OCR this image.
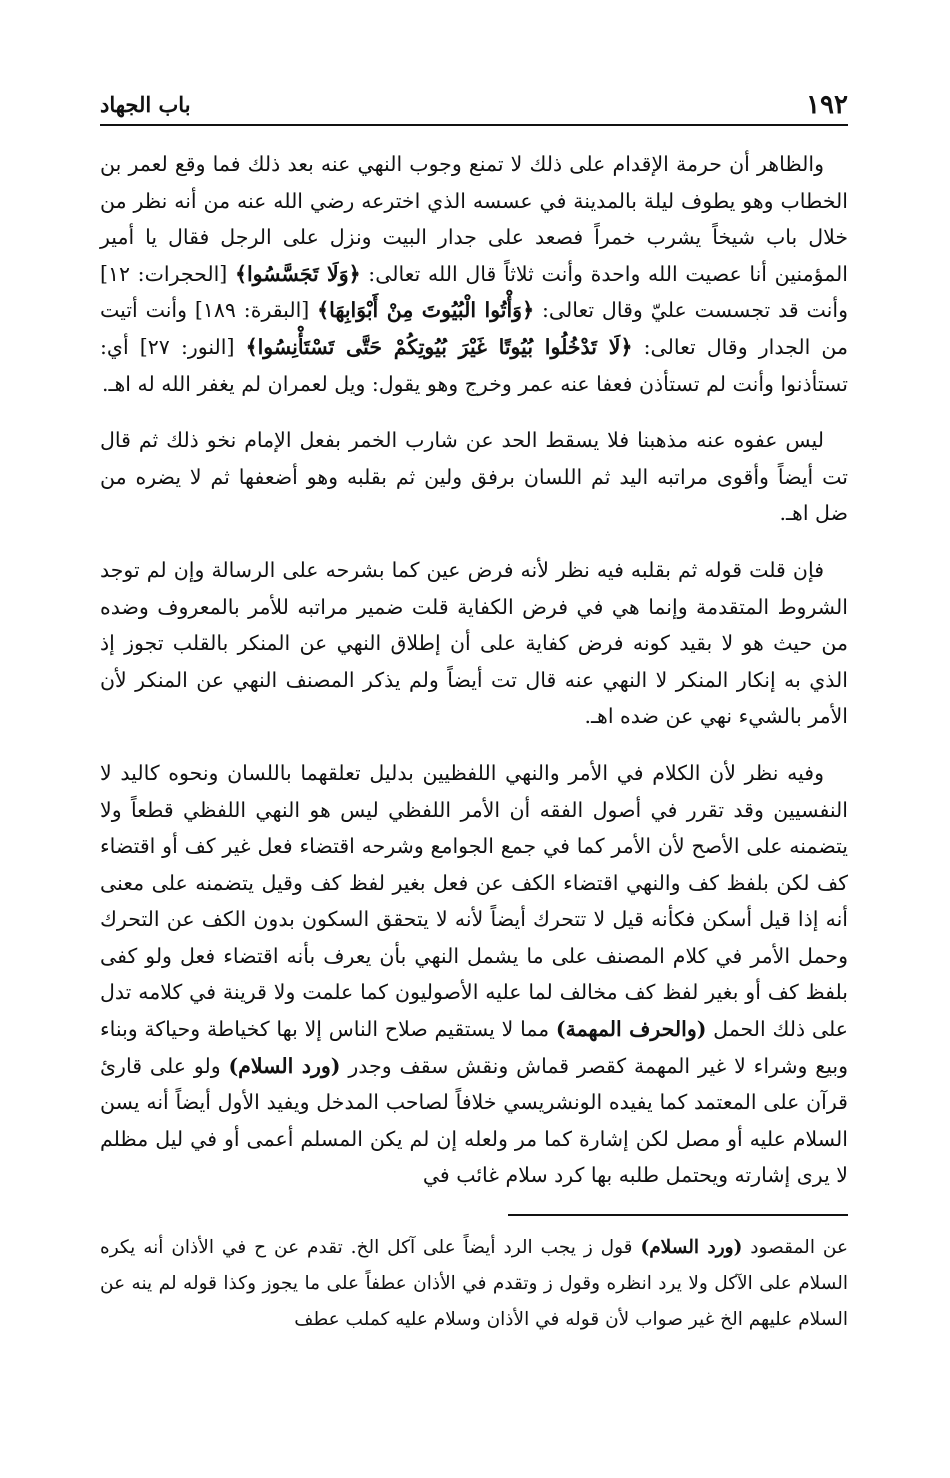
١٩٢
باب الجهاد

والظاهر أن حرمة الإقدام على ذلك لا تمنع وجوب النهي عنه بعد ذلك فما وقع لعمر بن الخطاب وهو يطوف ليلة بالمدينة في عسسه الذي اخترعه رضي الله عنه من أنه نظر من خلال باب شيخاً يشرب خمراً فصعد على جدار البيت ونزل على الرجل فقال يا أمير المؤمنين أنا عصيت الله واحدة وأنت ثلاثاً قال الله تعالى: ﴿وَلَا تَجَسَّسُوا﴾ [الحجرات: ١٢] وأنت قد تجسست عليّ وقال تعالى: ﴿وَأْتُوا الْبُيُوتَ مِنْ أَبْوَابِهَا﴾ [البقرة: ١٨٩] وأنت أتيت من الجدار وقال تعالى: ﴿لَا تَدْخُلُوا بُيُوتًا غَيْرَ بُيُوتِكُمْ حَتَّى تَسْتَأْنِسُوا﴾ [النور: ٢٧] أي: تستأذنوا وأنت لم تستأذن فعفا عنه عمر وخرج وهو يقول: ويل لعمران لم يغفر الله له اهـ.

ليس عفوه عنه مذهبنا فلا يسقط الحد عن شارب الخمر بفعل الإمام نخو ذلك ثم قال تت أيضاً وأقوى مراتبه اليد ثم اللسان برفق ولين ثم بقلبه وهو أضعفها ثم لا يضره من ضل اهـ.

فإن قلت قوله ثم بقلبه فيه نظر لأنه فرض عين كما بشرحه على الرسالة وإن لم توجد الشروط المتقدمة وإنما هي في فرض الكفاية قلت ضمير مراتبه للأمر بالمعروف وضده من حيث هو لا بقيد كونه فرض كفاية على أن إطلاق النهي عن المنكر بالقلب تجوز إذ الذي به إنكار المنكر لا النهي عنه قال تت أيضاً ولم يذكر المصنف النهي عن المنكر لأن الأمر بالشيء نهي عن ضده اهـ.

وفيه نظر لأن الكلام في الأمر والنهي اللفظيين بدليل تعلقهما باللسان ونحوه كاليد لا النفسيين وقد تقرر في أصول الفقه أن الأمر اللفظي ليس هو النهي اللفظي قطعاً ولا يتضمنه على الأصح لأن الأمر كما في جمع الجوامع وشرحه اقتضاء فعل غير كف أو اقتضاء كف لكن بلفظ كف والنهي اقتضاء الكف عن فعل بغير لفظ كف وقيل يتضمنه على معنى أنه إذا قيل أسكن فكأنه قيل لا تتحرك أيضاً لأنه لا يتحقق السكون بدون الكف عن التحرك وحمل الأمر في كلام المصنف على ما يشمل النهي بأن يعرف بأنه اقتضاء فعل ولو كفى بلفظ كف أو بغير لفظ كف مخالف لما عليه الأصوليون كما علمت ولا قرينة في كلامه تدل على ذلك الحمل (والحرف المهمة) مما لا يستقيم صلاح الناس إلا بها كخياطة وحياكة وبناء وبيع وشراء لا غير المهمة كقصر قماش ونقش سقف وجدر (ورد السلام) ولو على قارئ قرآن على المعتمد كما يفيده الونشريسي خلافاً لصاحب المدخل ويفيد الأول أيضاً أنه يسن السلام عليه أو مصل لكن إشارة كما مر ولعله إن لم يكن المسلم أعمى أو في ليل مظلم لا يرى إشارته ويحتمل طلبه بها كرد سلام غائب في

عن المقصود (ورد السلام) قول ز يجب الرد أيضاً على آكل الخ. تقدم عن ح في الأذان أنه يكره السلام على الآكل ولا يرد انظره وقول ز وتقدم في الأذان عطفاً على ما يجوز وكذا قوله لم ينه عن السلام عليهم الخ غير صواب لأن قوله في الأذان وسلام عليه كملب عطف
